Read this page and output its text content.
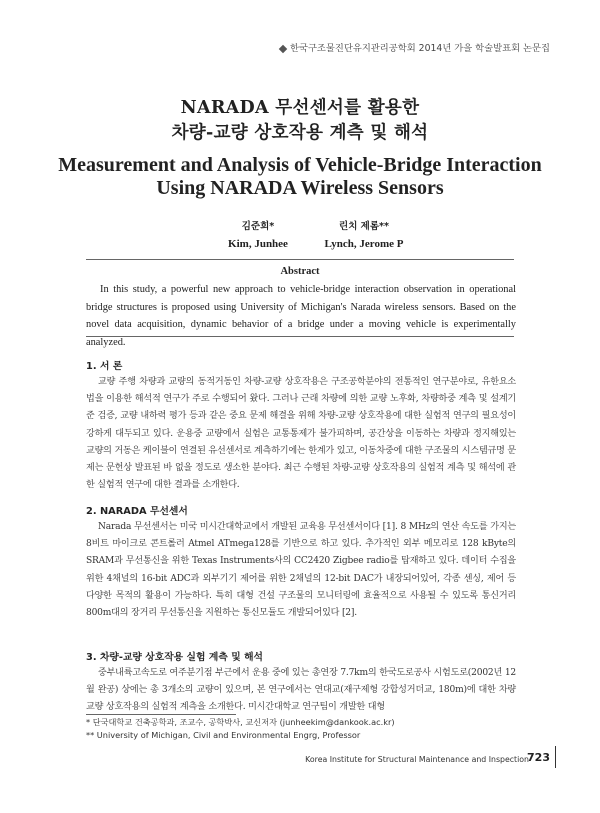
한국구조물진단유지관리공학회 2014년 가을 학술발표회 논문집
NARADA 무선센서를 활용한
차량-교량 상호작용 계측 및 해석
Measurement and Analysis of Vehicle-Bridge Interaction
Using NARADA Wireless Sensors
김준희*
Kim, Junhee
린치 제롬**
Lynch, Jerome P
Abstract
In this study, a powerful new approach to vehicle-bridge interaction observation in operational bridge structures is proposed using University of Michigan's Narada wireless sensors. Based on the novel data acquisition, dynamic behavior of a bridge under a moving vehicle is experimentally analyzed.
1. 서 론
교량 주행 차량과 교량의 동적거동인 차량-교량 상호작용은 구조공학분야의 전통적인 연구분야로, 유한요소법을 이용한 해석적 연구가 주로 수행되어 왔다. 그러나 근래 차량에 의한 교량 노후화, 차량하중 계측 및 설계기준 검증, 교량 내하력 평가 등과 같은 중요 문제 해결을 위해 차량-교량 상호작용에 대한 실험적 연구의 필요성이 강하게 대두되고 있다. 운용중 교량에서 실험은 교통통제가 불가피하며, 공간상을 이동하는 차량과 정지해있는 교량의 거동은 케이블이 연결된 유선센서로 계측하기에는 한계가 있고, 이동차중에 대한 구조물의 시스템규명 문제는 문헌상 발표된 바 없을 정도로 생소한 분야다. 최근 수행된 차량-교량 상호작용의 실험적 계측 및 해석에 관한 실험적 연구에 대한 결과를 소개한다.
2. NARADA 무선센서
Narada 무선센서는 미국 미시간대학교에서 개발된 교육용 무선센서이다 [1]. 8 MHz의 연산 속도를 가지는 8비트 마이크로 콘트롤러 Atmel ATmega128를 기반으로 하고 있다. 추가적인 외부 메모리로 128 kByte의 SRAM과 무선통신을 위한 Texas Instruments사의 CC2420 Zigbee radio를 탑재하고 있다. 데이터 수집을 위한 4채널의 16-bit ADC과 외부기기 제어를 위한 2채널의 12-bit DAC가 내장되어있어, 각종 센싱, 제어 등 다양한 목적의 활용이 가능하다. 특히 대형 건설 구조물의 모니터링에 효율적으로 사용될 수 있도록 통신거리 800m대의 장거리 무선통신을 지원하는 통신모듈도 개발되어있다 [2].
3. 차량-교량 상호작용 실험 계측 및 해석
중부내륙고속도로 여주분기점 부근에서 운용 중에 있는 총연장 7.7km의 한국도로공사 시험도로(2002년 12월 완공) 상에는 총 3개소의 교량이 있으며, 본 연구에서는 연대교(재구제형 강합성거더교, 180m)에 대한 차량 교량 상호작용의 실험적 계측을 소개한다. 미시간대학교 연구팀이 개발한 대형
* 단국대학교 건축공학과, 조교수, 공학박사, 교신저자 (junheekim@dankook.ac.kr)
** University of Michigan, Civil and Environmental Engrg, Professor
Korea Institute for Structural Maintenance and Inspection
723
